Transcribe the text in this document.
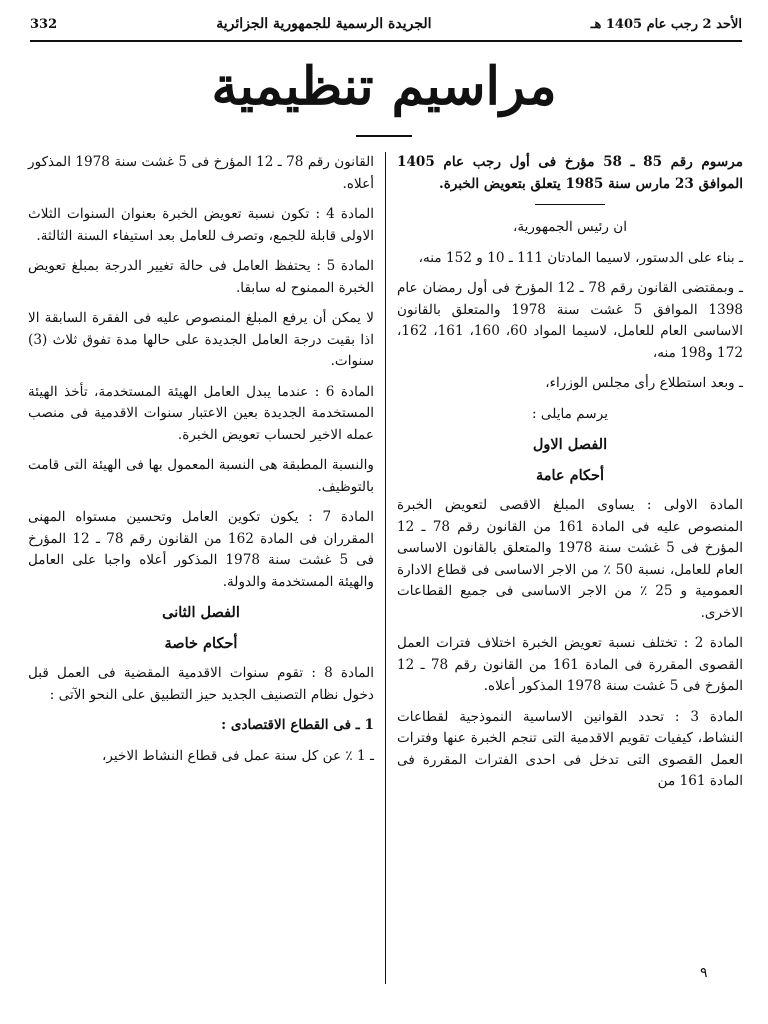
332	الجريدة الرسمية للجمهورية الجزائرية	الأحد 2 رجب عام 1405 هـ
مراسيم تنظيمية

مرسوم رقم 85 ـ 58 مؤرخ فى أول رجب عام 1405 الموافق 23 مارس سنة 1985 يتعلق بتعويض الخبرة.

ان رئيس الجمهورية،

ـ بناء على الدستور، لاسيما المادتان 111 ـ 10 و 152 منه،

ـ وبمقتضى القانون رقم 78 ـ 12 المؤرخ فى أول رمضان عام 1398 الموافق 5 غشت سنة 1978 والمتعلق بالقانون الاساسى العام للعامل، لاسيما المواد 60، 160، 161، 162، 172 و198 منه،

ـ وبعد استطلاع رأى مجلس الوزراء،

يرسم مايلى :

الفصل الاول

أحكام عامة

المادة الاولى : يساوى المبلغ الاقصى لتعويض الخبرة المنصوص عليه فى المادة 161 من القانون رقم 78 ـ 12 المؤرخ فى 5 غشت سنة 1978 والمتعلق بالقانون الاساسى العام للعامل، نسبة 50 ٪ من الاجر الاساسى فى قطاع الادارة العمومية و 25 ٪ من الاجر الاساسى فى جميع القطاعات الاخرى.

المادة 2 : تختلف نسبة تعويض الخبرة اختلاف فترات العمل القصوى المقررة فى المادة 161 من القانون رقم 78 ـ 12 المؤرخ فى 5 غشت سنة 1978 المذكور أعلاه.

المادة 3 : تحدد القوانين الاساسية النموذجية لقطاعات النشاط، كيفيات تقويم الاقدمية التى تنجم الخبرة عنها وفترات العمل القصوى التى تدخل فى احدى الفترات المقررة فى المادة 161 من

القانون رقم 78 ـ 12 المؤرخ فى 5 غشت سنة 1978 المذكور أعلاه.

المادة 4 : تكون نسبة تعويض الخبرة بعنوان السنوات الثلاث الاولى قابلة للجمع، وتصرف للعامل بعد استيفاء السنة الثالثة.

المادة 5 : يحتفظ العامل فى حالة تغيير الدرجة بمبلغ تعويض الخبرة الممنوح له سابقا.

لا يمكن أن يرفع المبلغ المنصوص عليه فى الفقرة السابقة الا اذا بقيت درجة العامل الجديدة على حالها مدة تفوق ثلاث (3) سنوات.

المادة 6 : عندما يبدل العامل الهيئة المستخدمة، تأخذ الهيئة المستخدمة الجديدة بعين الاعتبار سنوات الاقدمية فى منصب عمله الاخير لحساب تعويض الخبرة.

والنسبة المطبقة هى النسبة المعمول بها فى الهيئة التى قامت بالتوظيف.

المادة 7 : يكون تكوين العامل وتحسين مستواه المهنى المقرران فى المادة 162 من القانون رقم 78 ـ 12 المؤرخ فى 5 غشت سنة 1978 المذكور أعلاه واجبا على العامل والهيئة المستخدمة والدولة.

الفصل الثانى

أحكام خاصة

المادة 8 : تقوم سنوات الاقدمية المقضية فى العمل قبل دخول نظام التصنيف الجديد حيز التطبيق على النحو الآتى :

1 ـ فى القطاع الاقتصادى :

ـ 1 ٪ عن كل سنة عمل فى قطاع النشاط الاخير،

٩
